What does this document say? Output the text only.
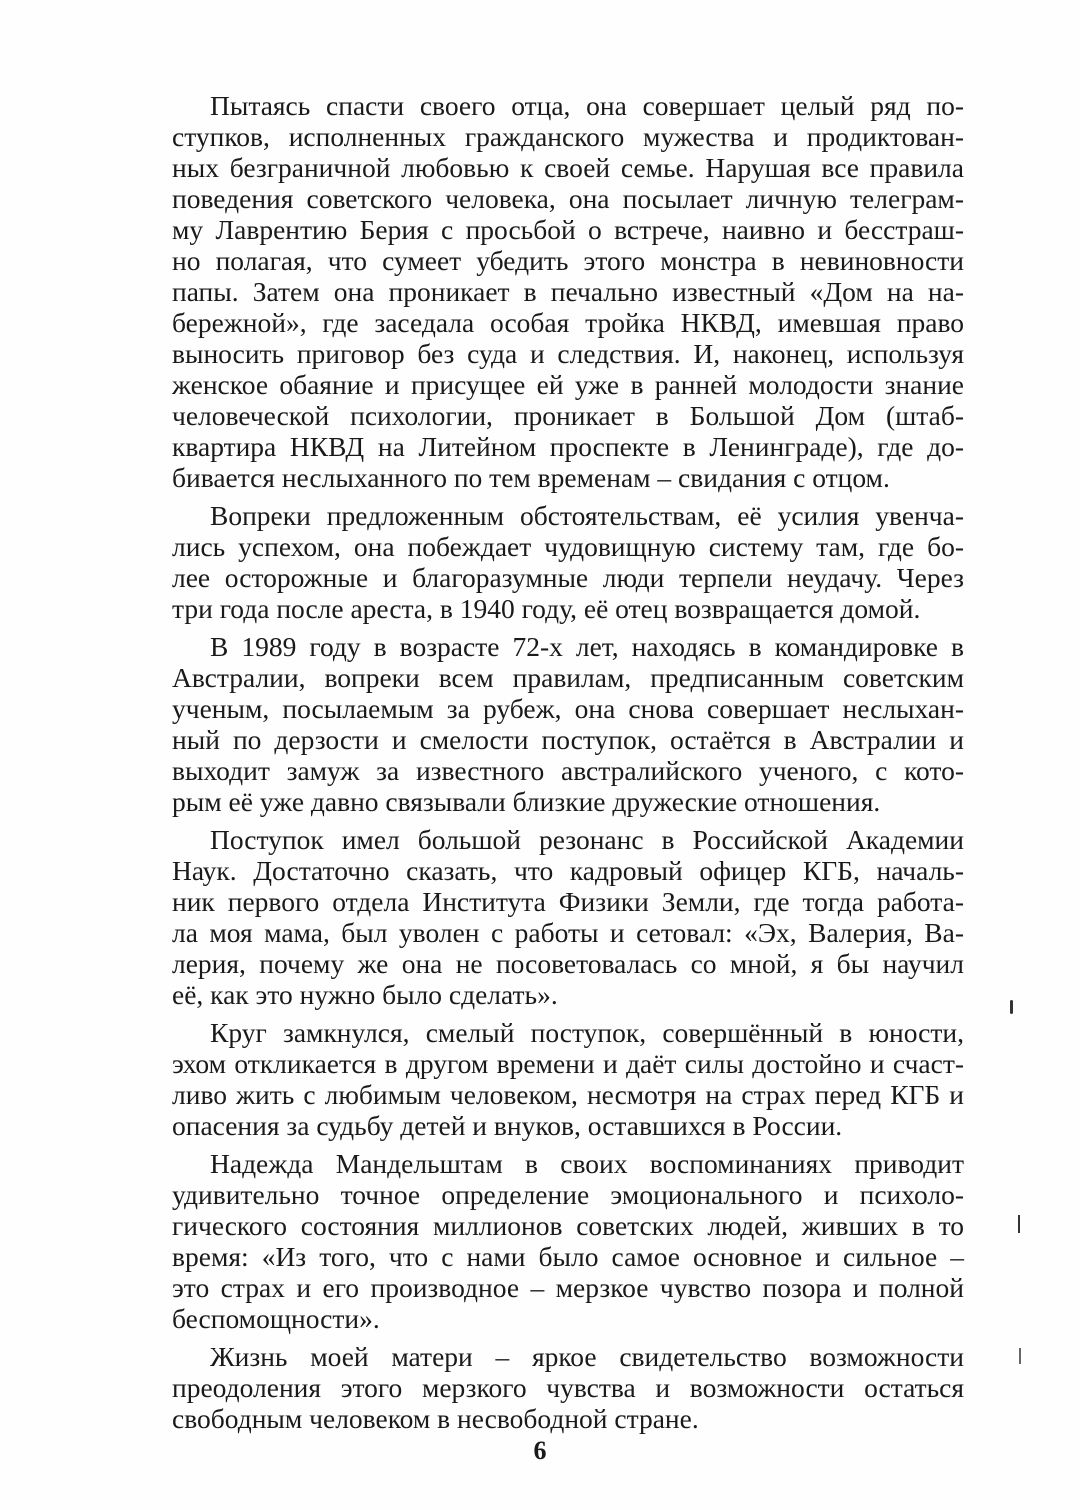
Пытаясь спасти своего отца, она совершает целый ряд по-
ступков, исполненных гражданского мужества и продиктован-
ных безграничной любовью к своей семье. Нарушая все правила
поведения советского человека, она посылает личную телеграм-
му Лаврентию Берия с просьбой о встрече, наивно и бесстраш-
но полагая, что сумеет убедить этого монстра в невиновности
папы. Затем она проникает в печально известный «Дом на на-
бережной», где заседала особая тройка НКВД, имевшая право
выносить приговор без суда и следствия. И, наконец, используя
женское обаяние и присущее ей уже в ранней молодости знание
человеческой психологии, проникает в Большой Дом (штаб-
квартира НКВД на Литейном проспекте в Ленинграде), где до-
бивается неслыханного по тем временам – свидания с отцом.
Вопреки предложенным обстоятельствам, её усилия увенча-
лись успехом, она побеждает чудовищную систему там, где бо-
лее осторожные и благоразумные люди терпели неудачу. Через
три года после ареста, в 1940 году, её отец возвращается домой.
В 1989 году в возрасте 72-х лет, находясь в командировке в
Австралии, вопреки всем правилам, предписанным советским
ученым, посылаемым за рубеж, она снова совершает неслыхан-
ный по дерзости и смелости поступок, остаётся в Австралии и
выходит замуж за известного австралийского ученого, с кото-
рым её уже давно связывали близкие дружеские отношения.
Поступок имел большой резонанс в Российской Академии
Наук. Достаточно сказать, что кадровый офицер КГБ, началь-
ник первого отдела Института Физики Земли, где тогда работа-
ла моя мама, был уволен с работы и сетовал: «Эх, Валерия, Ва-
лерия, почему же она не посоветовалась со мной, я бы научил
её, как это нужно было сделать».
Круг замкнулся, смелый поступок, совершённый в юности,
эхом откликается в другом времени и даёт силы достойно и счаст-
ливо жить с любимым человеком, несмотря на страх перед КГБ и
опасения за судьбу детей и внуков, оставшихся в России.
Надежда Мандельштам в своих воспоминаниях приводит
удивительно точное определение эмоционального и психоло-
гического состояния миллионов советских людей, живших в то
время: «Из того, что с нами было самое основное и сильное –
это страх и его производное – мерзкое чувство позора и полной
беспомощности».
Жизнь моей матери – яркое свидетельство возможности
преодоления этого мерзкого чувства и возможности остаться
свободным человеком в несвободной стране.
6
